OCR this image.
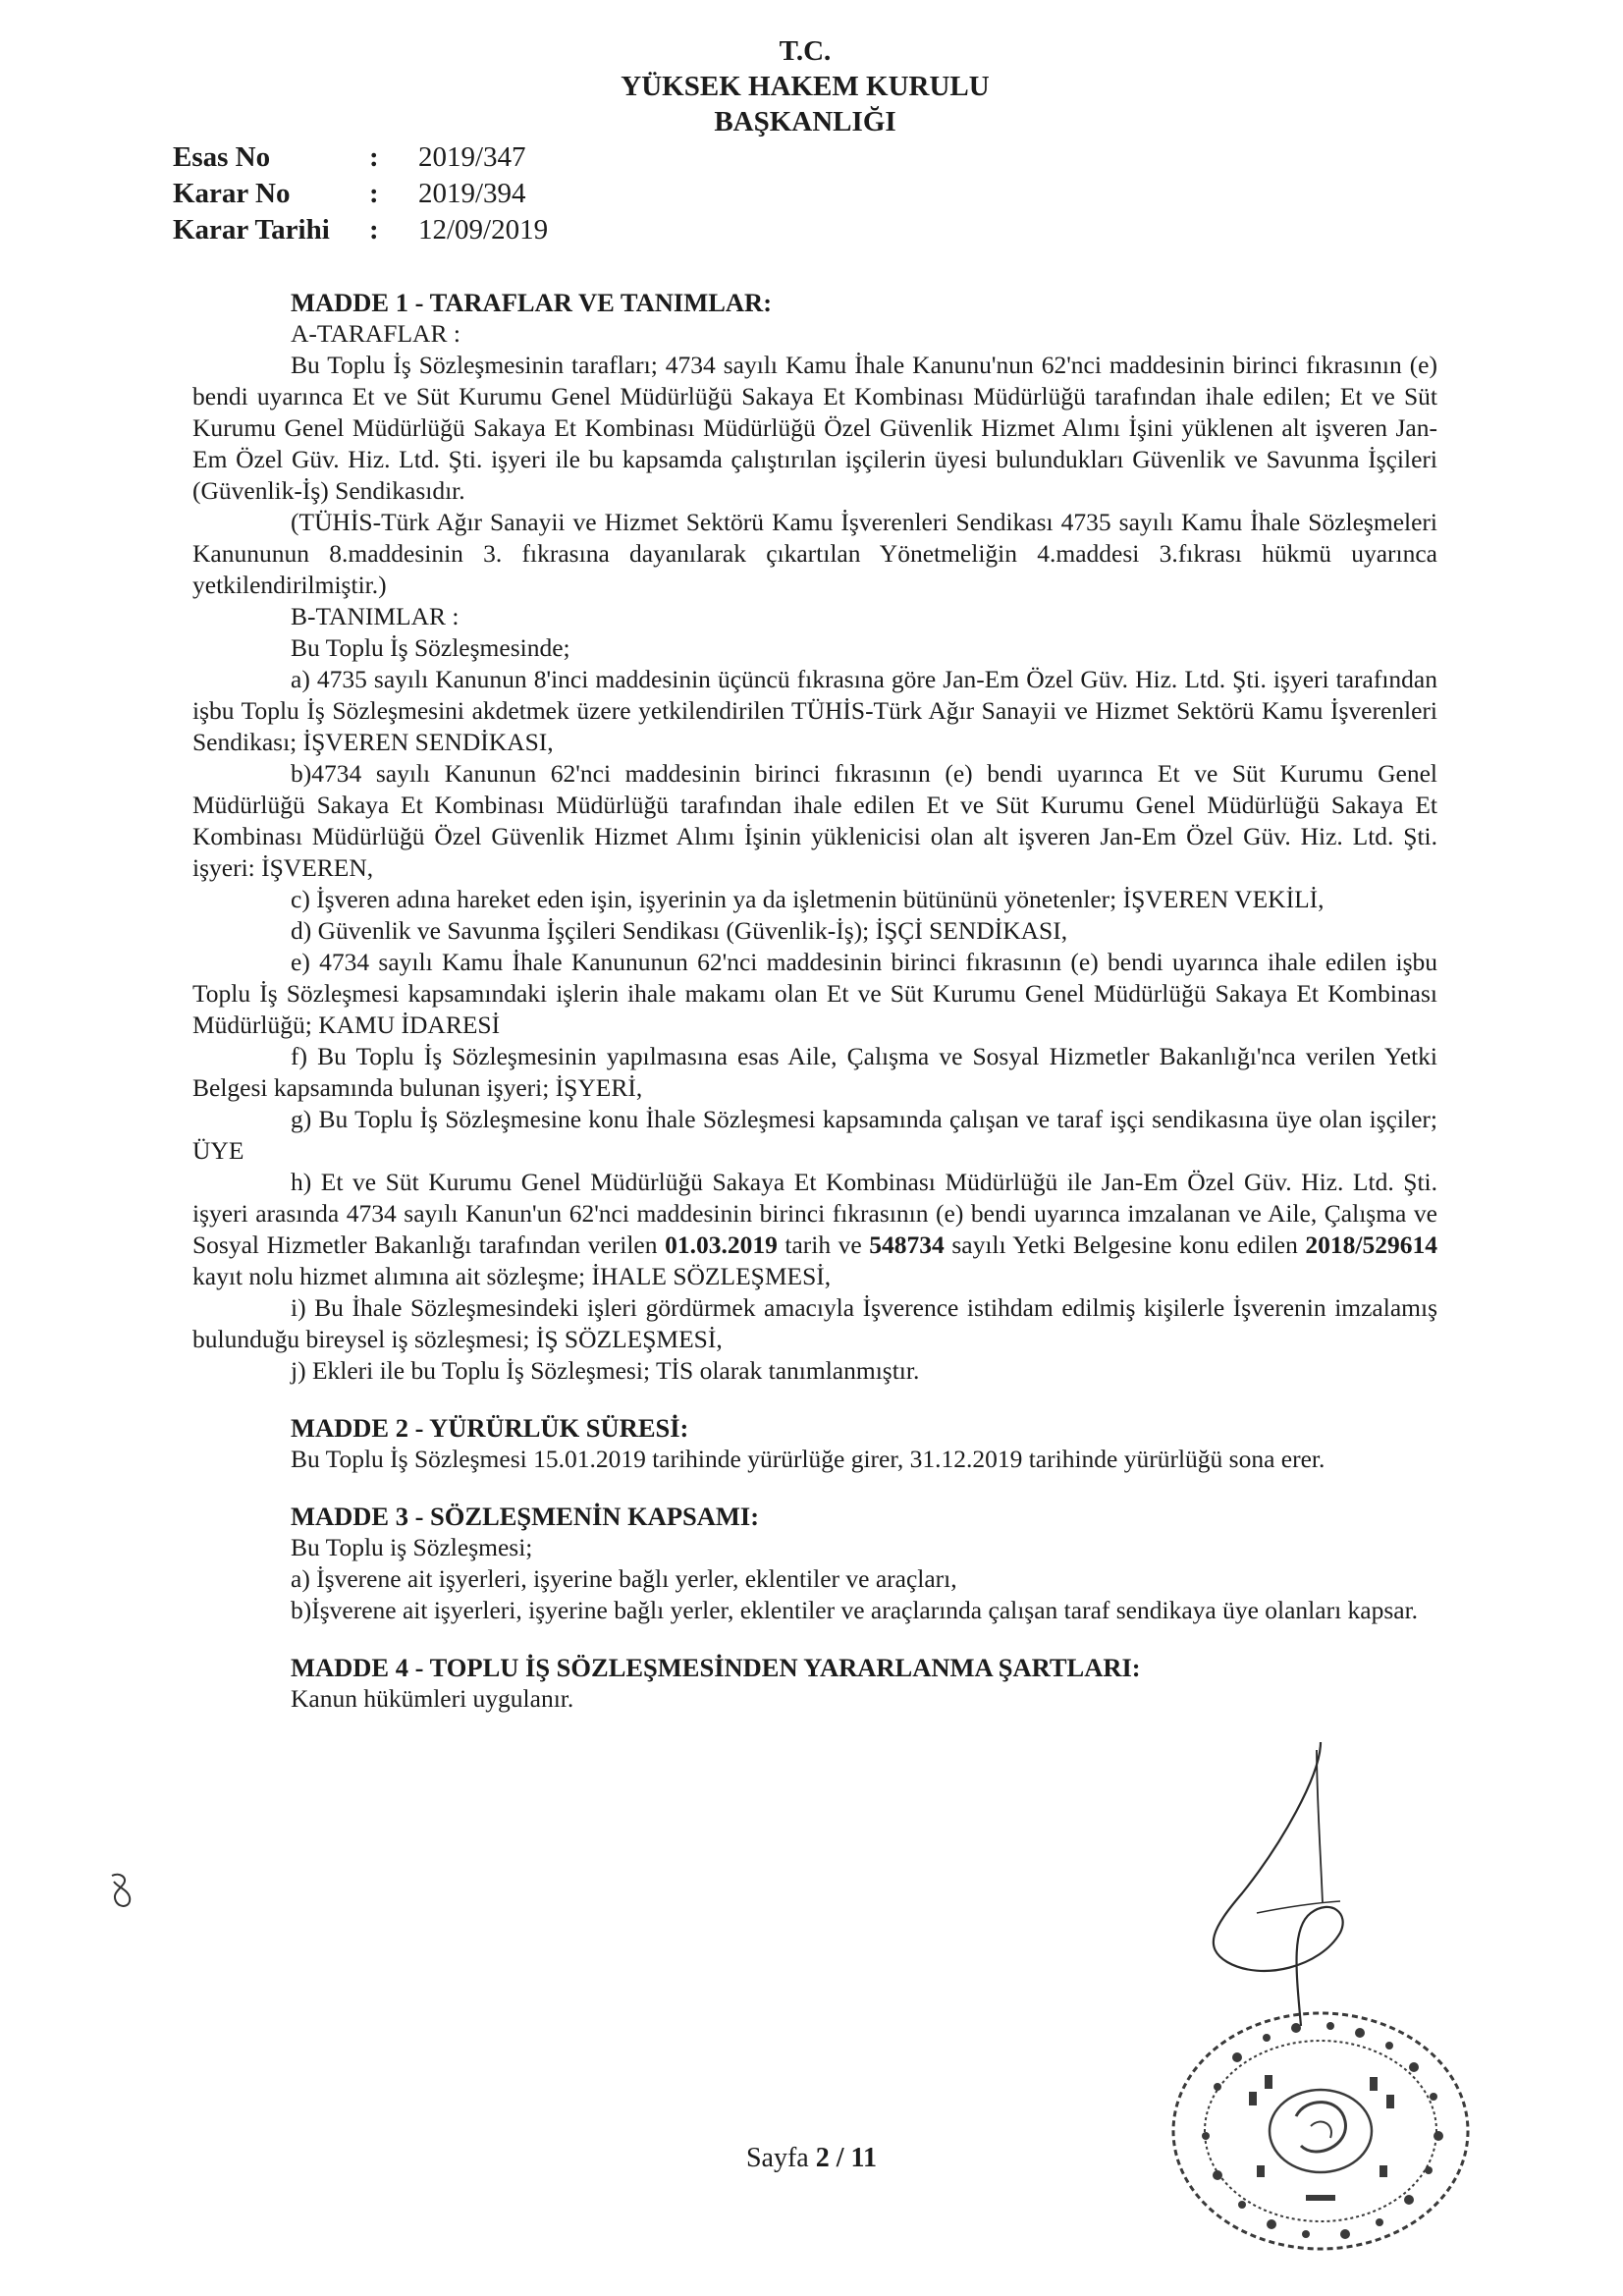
T.C.
YÜKSEK HAKEM KURULU
BAŞKANLIĞI
Esas No	:	2019/347
Karar No	:	2019/394
Karar Tarihi	:	12/09/2019

MADDE 1 - TARAFLAR VE TANIMLAR:

A-TARAFLAR :

Bu Toplu İş Sözleşmesinin tarafları; 4734 sayılı Kamu İhale Kanunu'nun 62'nci maddesinin birinci fıkrasının (e) bendi uyarınca Et ve Süt Kurumu Genel Müdürlüğü Sakaya Et Kombinası Müdürlüğü tarafından ihale edilen; Et ve Süt Kurumu Genel Müdürlüğü Sakaya Et Kombinası Müdürlüğü Özel Güvenlik Hizmet Alımı İşini yüklenen alt işveren Jan-Em Özel Güv. Hiz. Ltd. Şti. işyeri ile bu kapsamda çalıştırılan işçilerin üyesi bulundukları Güvenlik ve Savunma İşçileri (Güvenlik-İş) Sendikasıdır.

(TÜHİS-Türk Ağır Sanayii ve Hizmet Sektörü Kamu İşverenleri Sendikası 4735 sayılı Kamu İhale Sözleşmeleri Kanununun 8.maddesinin 3. fıkrasına dayanılarak çıkartılan Yönetmeliğin 4.maddesi 3.fıkrası hükmü uyarınca yetkilendirilmiştir.)

B-TANIMLAR :

Bu Toplu İş Sözleşmesinde;

a) 4735 sayılı Kanunun 8'inci maddesinin üçüncü fıkrasına göre Jan-Em Özel Güv. Hiz. Ltd. Şti. işyeri tarafından işbu Toplu İş Sözleşmesini akdetmek üzere yetkilendirilen TÜHİS-Türk Ağır Sanayii ve Hizmet Sektörü Kamu İşverenleri Sendikası; İŞVEREN SENDİKASI,

b)4734 sayılı Kanunun 62'nci maddesinin birinci fıkrasının (e) bendi uyarınca Et ve Süt Kurumu Genel Müdürlüğü Sakaya Et Kombinası Müdürlüğü tarafından ihale edilen Et ve Süt Kurumu Genel Müdürlüğü Sakaya Et Kombinası Müdürlüğü Özel Güvenlik Hizmet Alımı İşinin yüklenicisi olan alt işveren Jan-Em Özel Güv. Hiz. Ltd. Şti. işyeri: İŞVEREN,

c) İşveren adına hareket eden işin, işyerinin ya da işletmenin bütününü yönetenler; İŞVEREN VEKİLİ,

d) Güvenlik ve Savunma İşçileri Sendikası (Güvenlik-İş); İŞÇİ SENDİKASI,

e) 4734 sayılı Kamu İhale Kanununun 62'nci maddesinin birinci fıkrasının (e) bendi uyarınca ihale edilen işbu Toplu İş Sözleşmesi kapsamındaki işlerin ihale makamı olan Et ve Süt Kurumu Genel Müdürlüğü Sakaya Et Kombinası Müdürlüğü; KAMU İDARESİ

f) Bu Toplu İş Sözleşmesinin yapılmasına esas Aile, Çalışma ve Sosyal Hizmetler Bakanlığı'nca verilen Yetki Belgesi kapsamında bulunan işyeri; İŞYERİ,

g) Bu Toplu İş Sözleşmesine konu İhale Sözleşmesi kapsamında çalışan ve taraf işçi sendikasına üye olan işçiler; ÜYE

h) Et ve Süt Kurumu Genel Müdürlüğü Sakaya Et Kombinası Müdürlüğü ile Jan-Em Özel Güv. Hiz. Ltd. Şti. işyeri arasında 4734 sayılı Kanun'un 62'nci maddesinin birinci fıkrasının (e) bendi uyarınca imzalanan ve Aile, Çalışma ve Sosyal Hizmetler Bakanlığı tarafından verilen 01.03.2019 tarih ve 548734 sayılı Yetki Belgesine konu edilen 2018/529614 kayıt nolu hizmet alımına ait sözleşme; İHALE SÖZLEŞMESİ,

i) Bu İhale Sözleşmesindeki işleri gördürmek amacıyla İşverence istihdam edilmiş kişilerle İşverenin imzalamış bulunduğu bireysel iş sözleşmesi; İŞ SÖZLEŞMESİ,

j) Ekleri ile bu Toplu İş Sözleşmesi; TİS olarak tanımlanmıştır.

MADDE 2 - YÜRÜRLÜK SÜRESİ:

Bu Toplu İş Sözleşmesi 15.01.2019 tarihinde yürürlüğe girer, 31.12.2019 tarihinde yürürlüğü sona erer.

MADDE 3 - SÖZLEŞMENİN KAPSAMI:

Bu Toplu iş Sözleşmesi;

a) İşverene ait işyerleri, işyerine bağlı yerler, eklentiler ve araçları,

b)İşverene ait işyerleri, işyerine bağlı yerler, eklentiler ve araçlarında çalışan taraf sendikaya üye olanları kapsar.

MADDE 4 - TOPLU İŞ SÖZLEŞMESİNDEN YARARLANMA ŞARTLARI:

Kanun hükümleri uygulanır.

Sayfa 2 / 11
